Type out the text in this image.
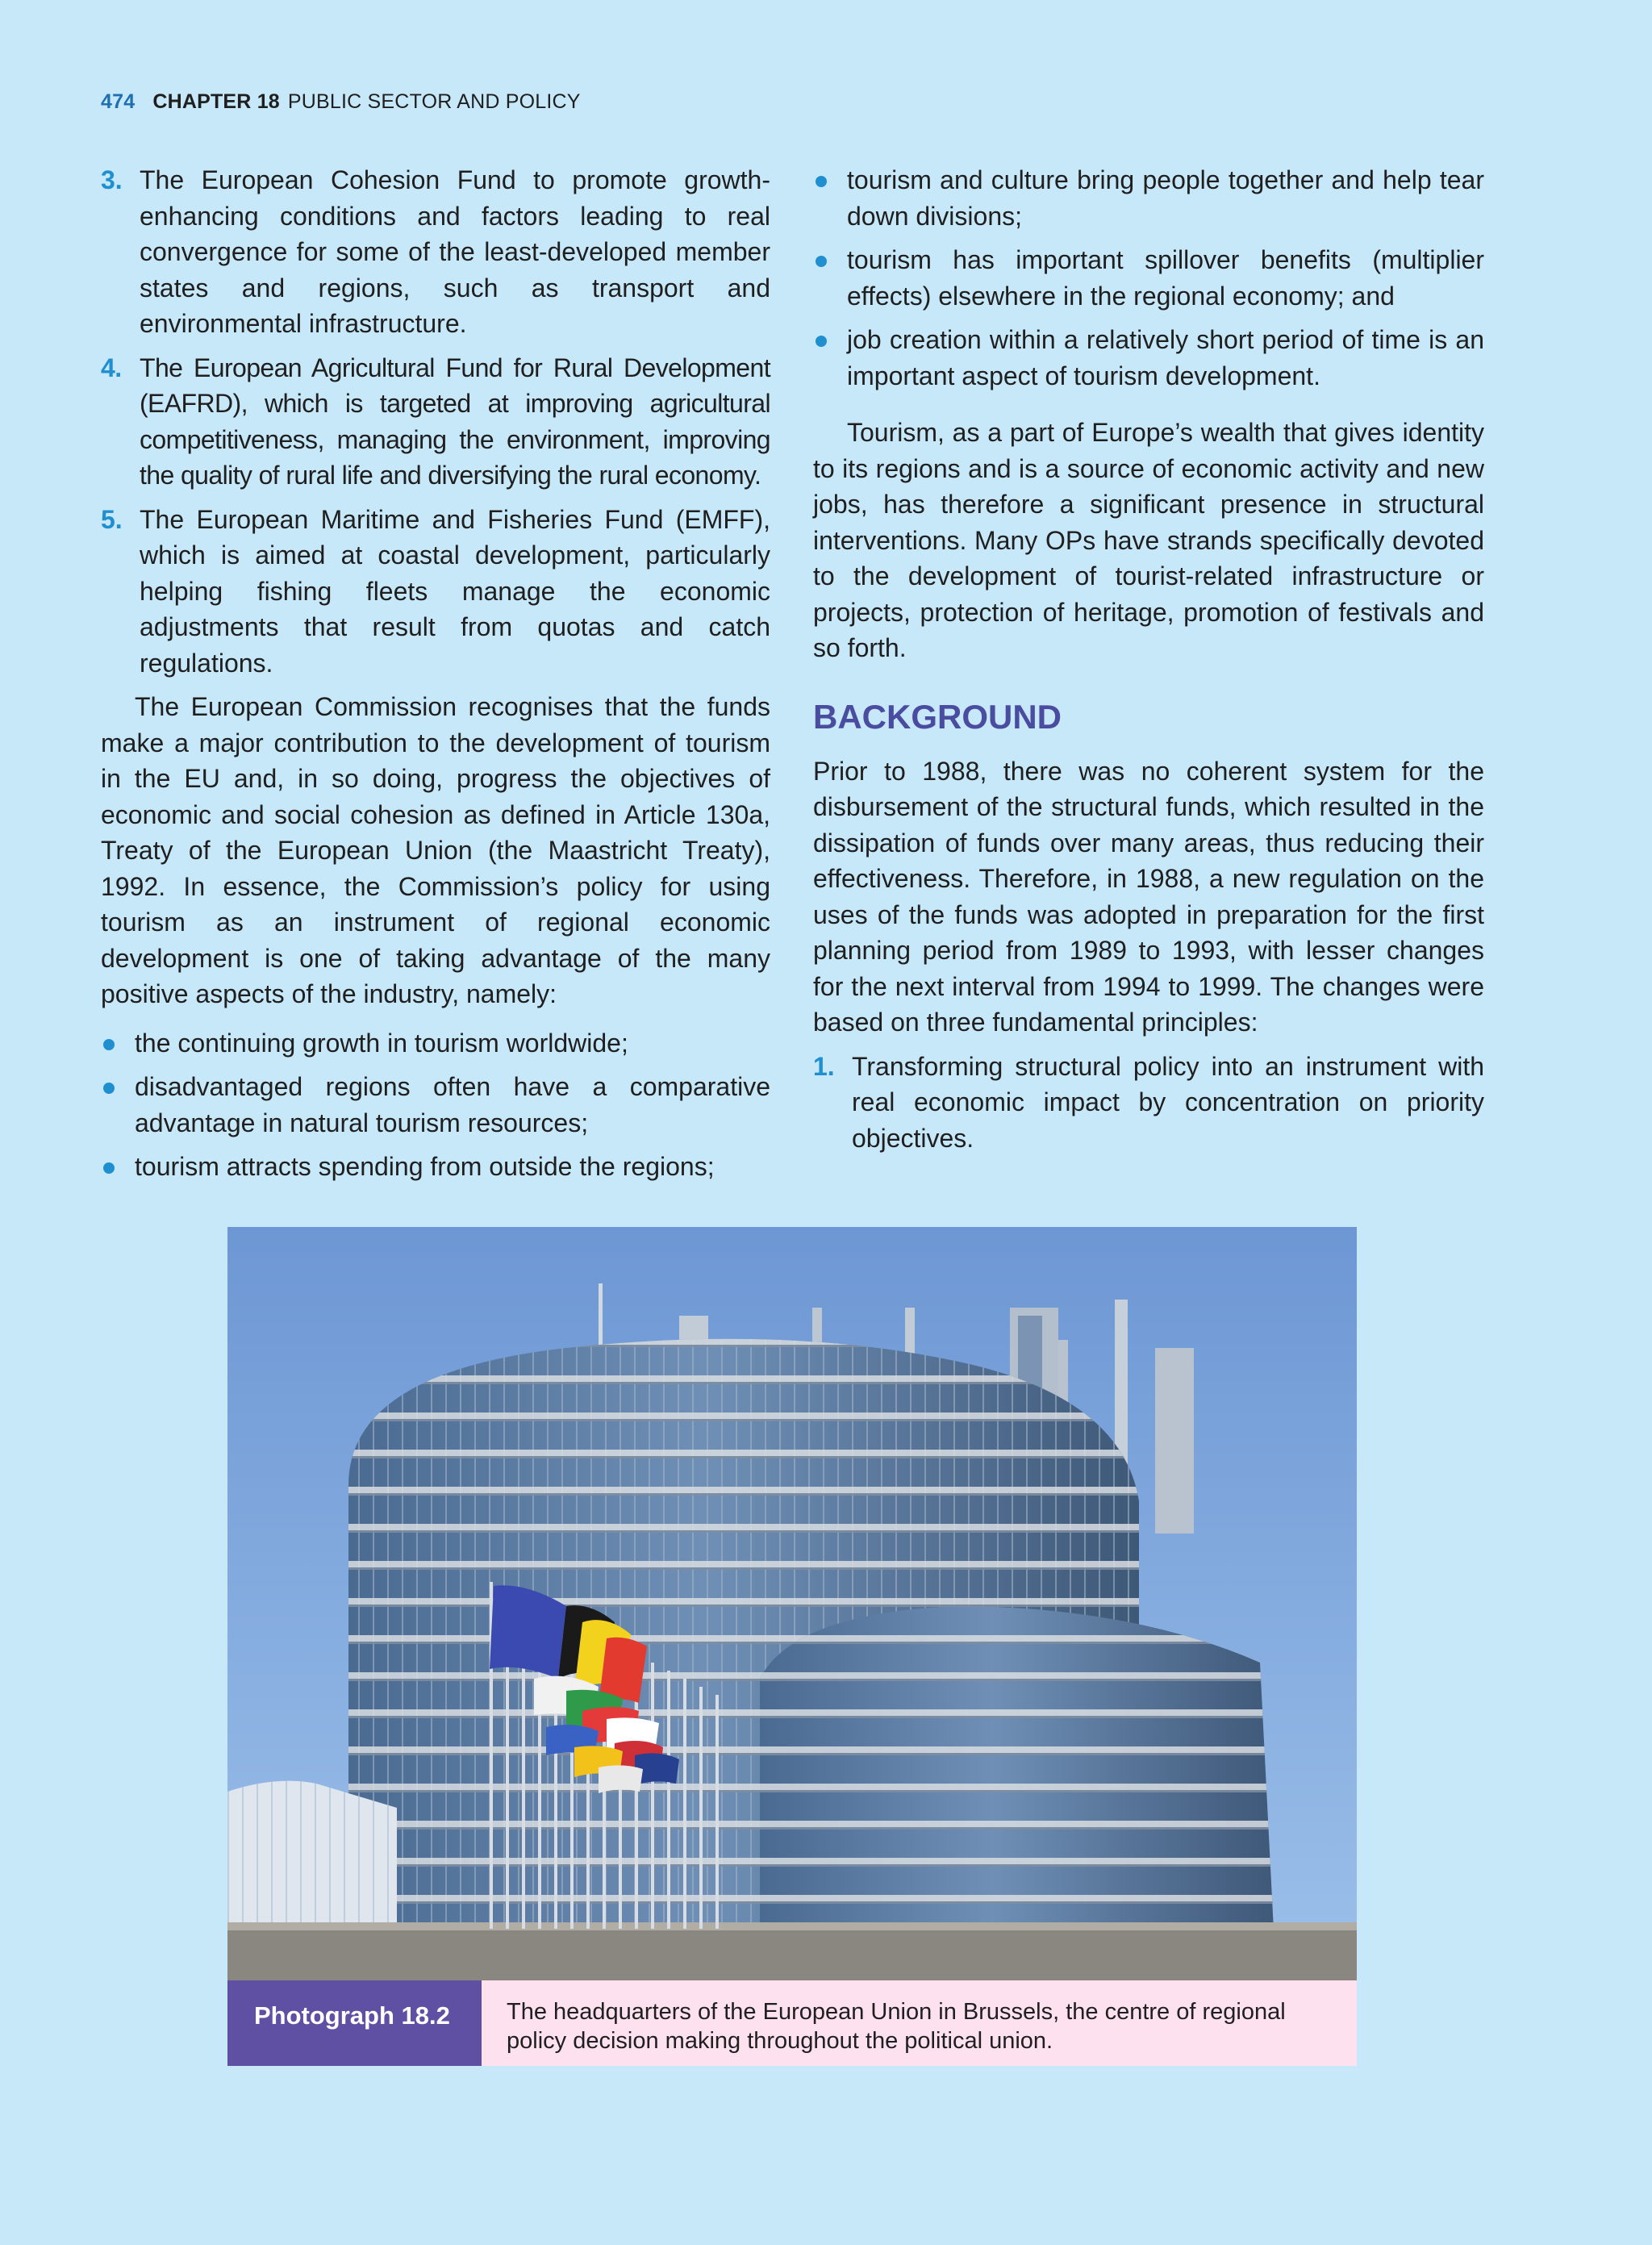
474 CHAPTER 18 PUBLIC SECTOR AND POLICY
3. The European Cohesion Fund to promote growth-enhancing conditions and factors leading to real convergence for some of the least-developed member states and regions, such as transport and environmental infrastructure.
4. The European Agricultural Fund for Rural Development (EAFRD), which is targeted at improving agricultural competitiveness, managing the environment, improving the quality of rural life and diversifying the rural economy.
5. The European Maritime and Fisheries Fund (EMFF), which is aimed at coastal development, particularly helping fishing fleets manage the economic adjustments that result from quotas and catch regulations.

The European Commission recognises that the funds make a major contribution to the development of tourism in the EU and, in so doing, progress the objectives of economic and social cohesion as defined in Article 130a, Treaty of the European Union (the Maastricht Treaty), 1992. In essence, the Commission’s policy for using tourism as an instrument of regional economic development is one of taking advantage of the many positive aspects of the industry, namely:

the continuing growth in tourism worldwide;
disadvantaged regions often have a comparative advantage in natural tourism resources;
tourism attracts spending from outside the regions;
tourism and culture bring people together and help tear down divisions;
tourism has important spillover benefits (multiplier effects) elsewhere in the regional economy; and
job creation within a relatively short period of time is an important aspect of tourism development.

Tourism, as a part of Europe’s wealth that gives identity to its regions and is a source of economic activity and new jobs, has therefore a significant presence in structural interventions. Many OPs have strands specifically devoted to the development of tourist-related infrastructure or projects, protection of heritage, promotion of festivals and so forth.

BACKGROUND

Prior to 1988, there was no coherent system for the disbursement of the structural funds, which resulted in the dissipation of funds over many areas, thus reducing their effectiveness. Therefore, in 1988, a new regulation on the uses of the funds was adopted in preparation for the first planning period from 1989 to 1993, with lesser changes for the next interval from 1994 to 1999. The changes were based on three fundamental principles:

1. Transforming structural policy into an instrument with real economic impact by concentration on priority objectives.
Photograph 18.2	The headquarters of the European Union in Brussels, the centre of regional policy decision making throughout the political union.
